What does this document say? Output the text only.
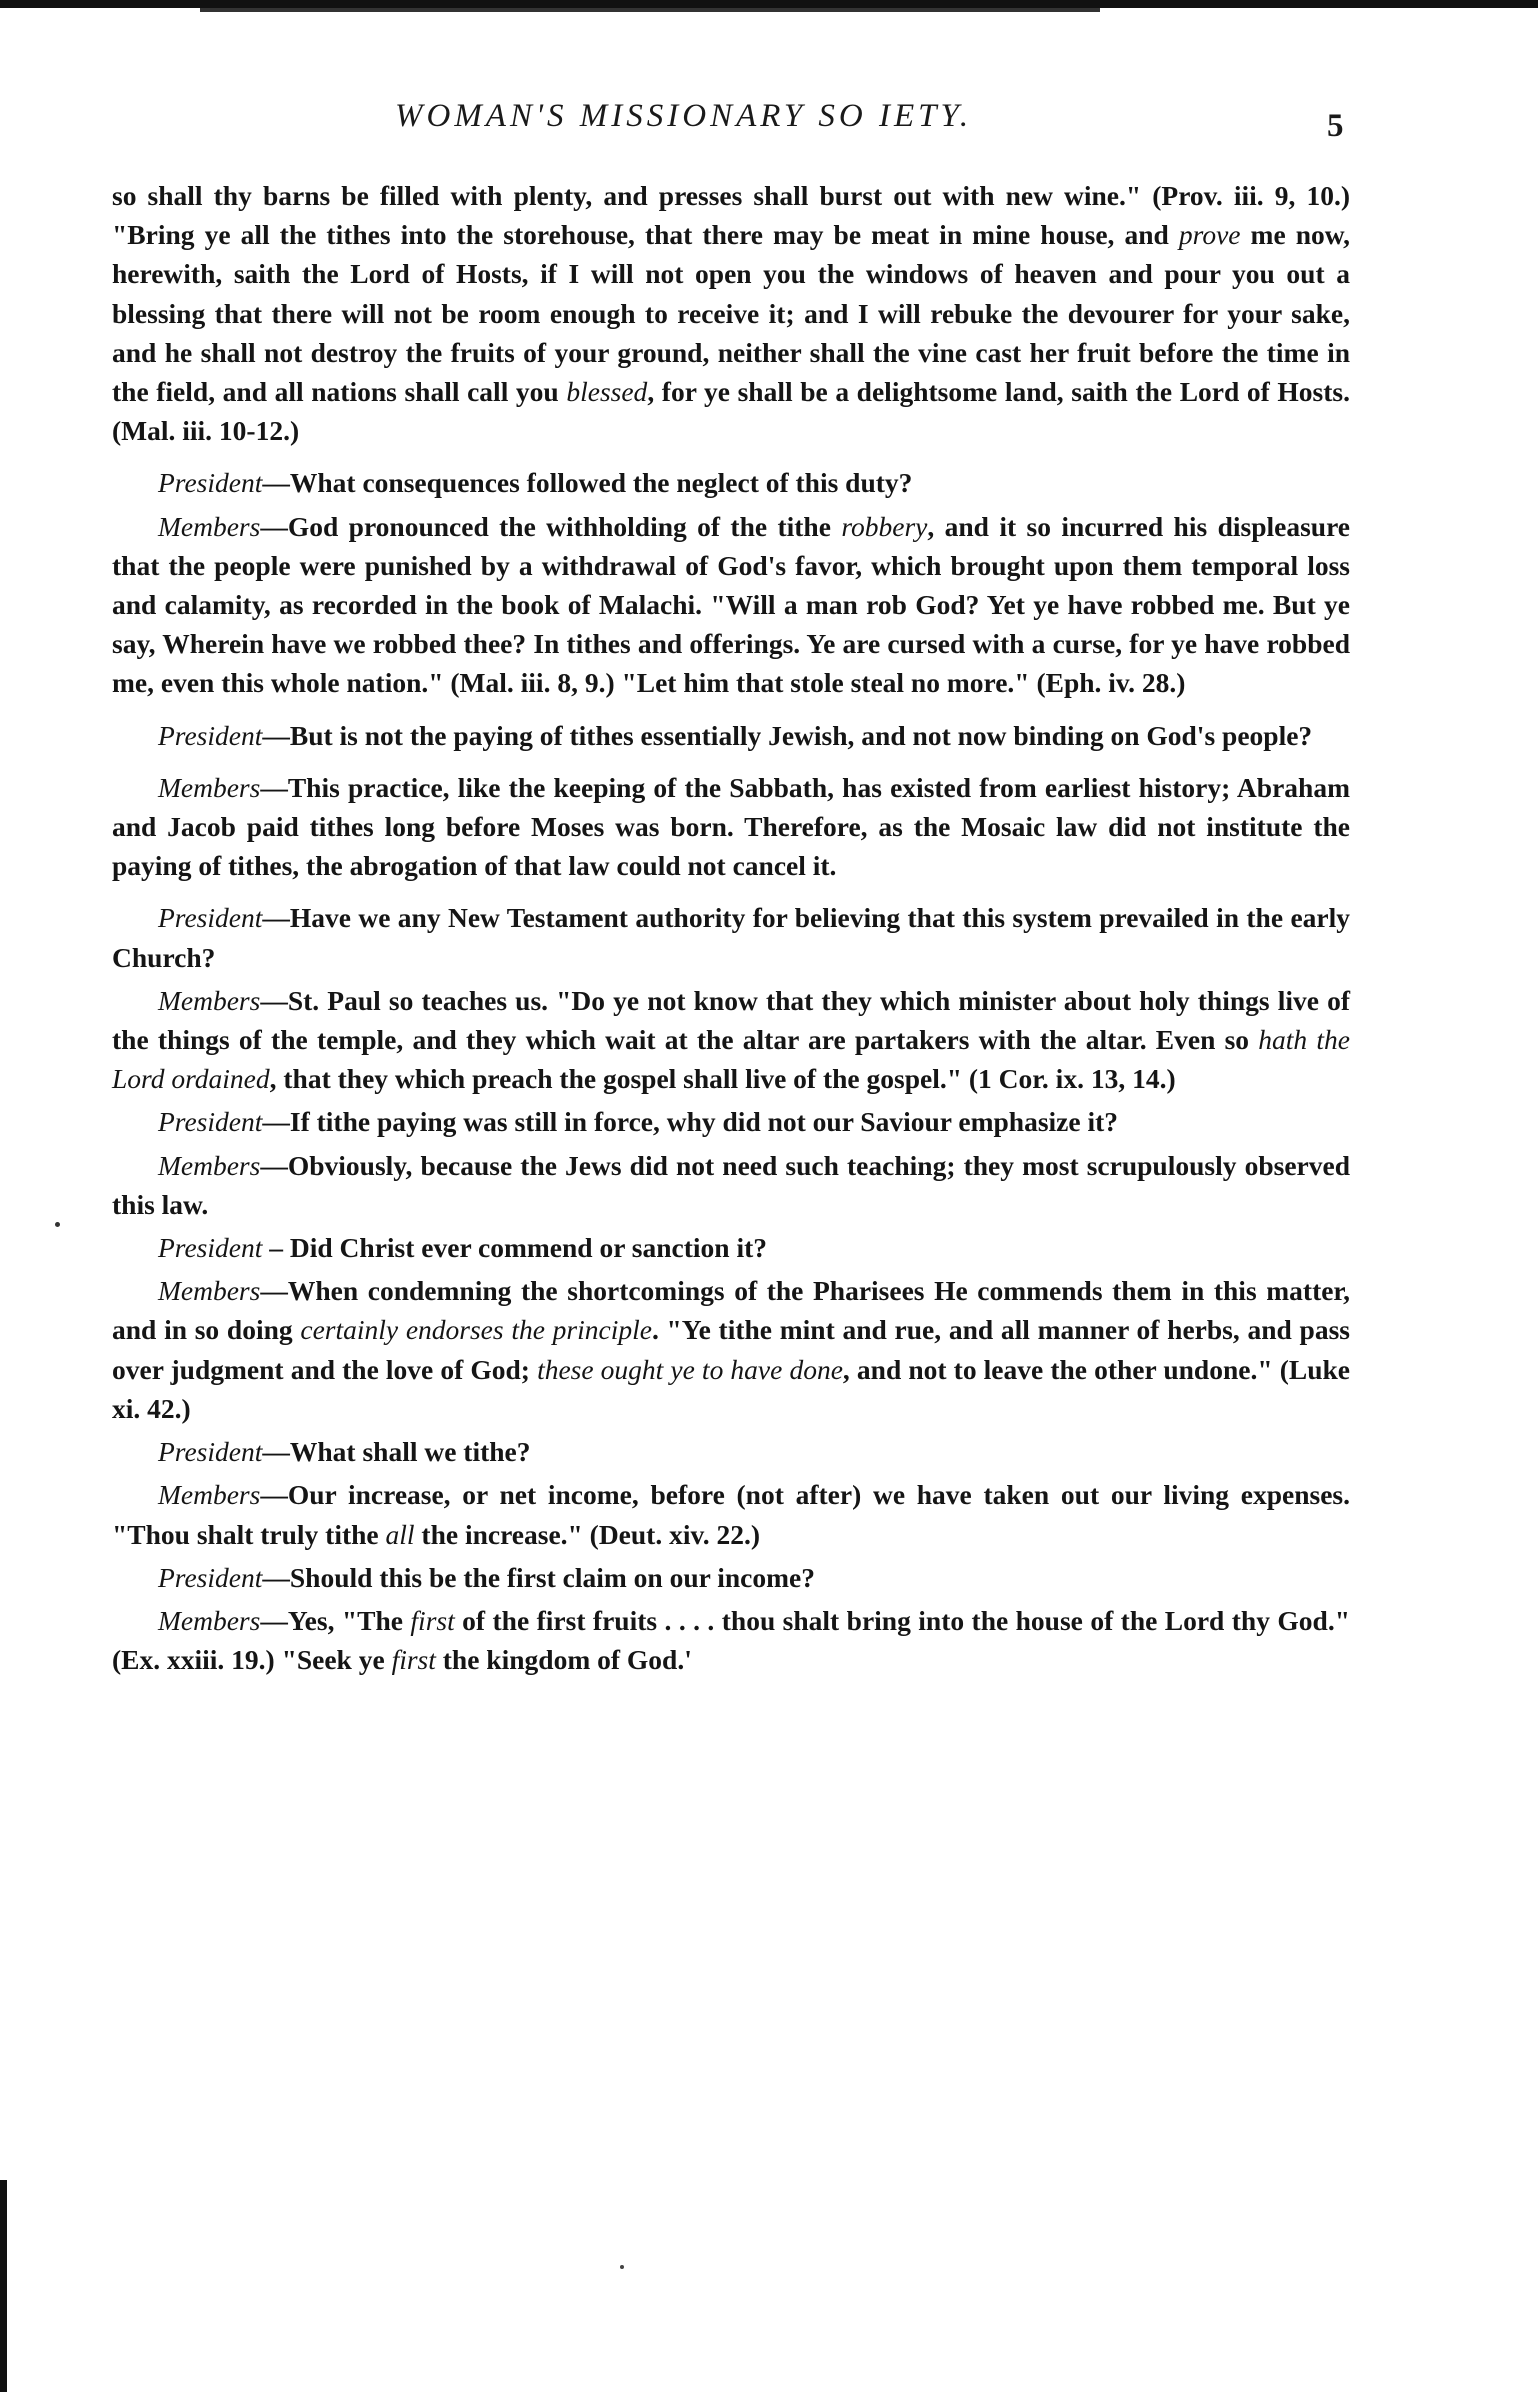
WOMAN'S MISSIONARY SO IETY.	5

so shall thy barns be filled with plenty, and presses shall burst out with new wine." (Prov. iii. 9, 10.) "Bring ye all the tithes into the storehouse, that there may be meat in mine house, and prove me now, herewith, saith the Lord of Hosts, if I will not open you the windows of heaven and pour you out a blessing that there will not be room enough to receive it; and I will rebuke the devourer for your sake, and he shall not destroy the fruits of your ground, neither shall the vine cast her fruit before the time in the field, and all nations shall call you blessed, for ye shall be a delightsome land, saith the Lord of Hosts. (Mal. iii. 10-12.)

President—What consequences followed the neglect of this duty?

Members—God pronounced the withholding of the tithe robbery, and it so incurred his displeasure that the people were punished by a withdrawal of God's favor, which brought upon them temporal loss and calamity, as recorded in the book of Malachi. "Will a man rob God? Yet ye have robbed me. But ye say, Wherein have we robbed thee? In tithes and offerings. Ye are cursed with a curse, for ye have robbed me, even this whole nation." (Mal. iii. 8, 9.) "Let him that stole steal no more." (Eph. iv. 28.)

President—But is not the paying of tithes essentially Jewish, and not now binding on God's people?

Members—This practice, like the keeping of the Sabbath, has existed from earliest history; Abraham and Jacob paid tithes long before Moses was born. Therefore, as the Mosaic law did not institute the paying of tithes, the abrogation of that law could not cancel it.

President—Have we any New Testament authority for believing that this system prevailed in the early Church?

Members—St. Paul so teaches us. "Do ye not know that they which minister about holy things live of the things of the temple, and they which wait at the altar are partakers with the altar. Even so hath the Lord ordained, that they which preach the gospel shall live of the gospel." (1 Cor. ix. 13, 14.)

President—If tithe paying was still in force, why did not our Saviour emphasize it?

Members—Obviously, because the Jews did not need such teaching; they most scrupulously observed this law.

President – Did Christ ever commend or sanction it?

Members—When condemning the shortcomings of the Pharisees He commends them in this matter, and in so doing certainly endorses the principle. "Ye tithe mint and rue, and all manner of herbs, and pass over judgment and the love of God; these ought ye to have done, and not to leave the other undone." (Luke xi. 42.)

President—What shall we tithe?

Members—Our increase, or net income, before (not after) we have taken out our living expenses. "Thou shalt truly tithe all the increase." (Deut. xiv. 22.)

President—Should this be the first claim on our income?

Members—Yes, "The first of the first fruits . . . . thou shalt bring into the house of the Lord thy God." (Ex. xxiii. 19.) "Seek ye first the kingdom of God.'
